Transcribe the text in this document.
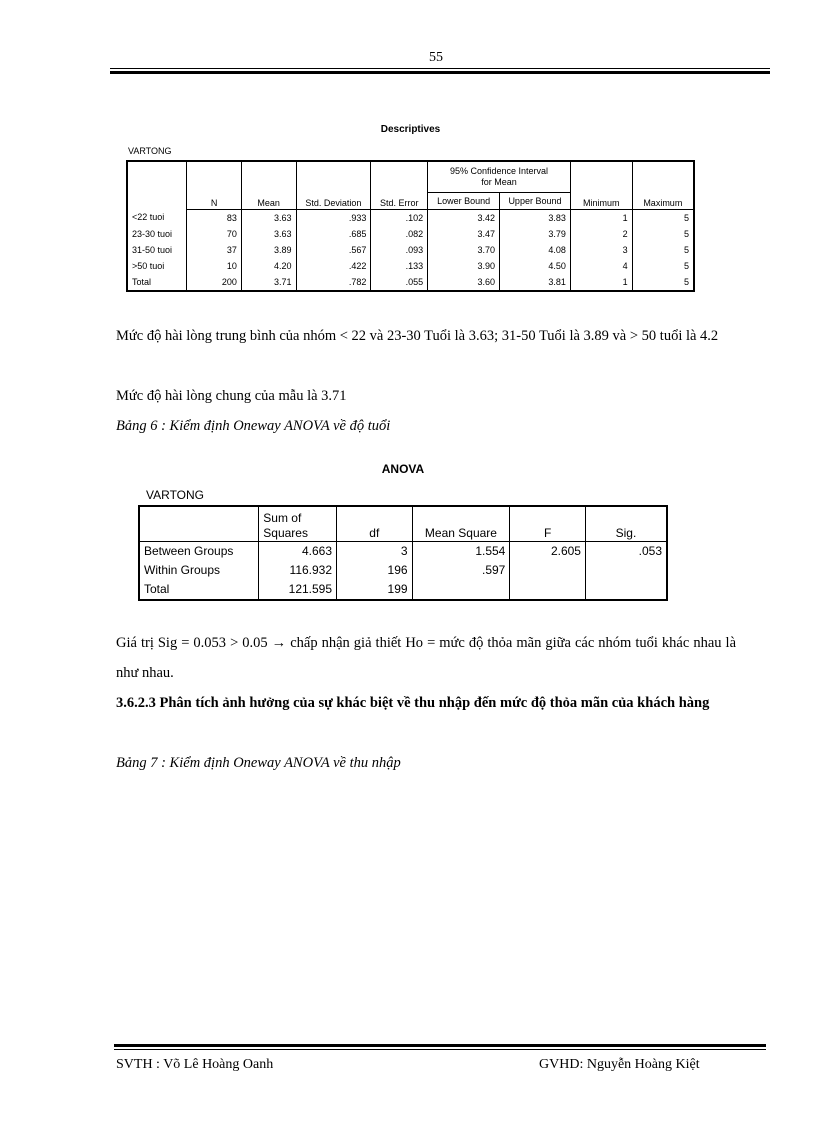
55
Descriptives
VARTONG
	N	Mean	Std. Deviation	Std. Error	95% Confidence Interval for Mean		Minimum	Maximum
					Lower Bound	Upper Bound		
<22 tuoi	83	3.63	.933	.102	3.42	3.83	1	5
23-30 tuoi	70	3.63	.685	.082	3.47	3.79	2	5
31-50 tuoi	37	3.89	.567	.093	3.70	4.08	3	5
>50 tuoi	10	4.20	.422	.133	3.90	4.50	4	5
Total	200	3.71	.782	.055	3.60	3.81	1	5
Mức độ hài lòng trung bình của nhóm < 22 và 23-30 Tuổi là 3.63; 31-50 Tuổi là 3.89 và > 50 tuổi là 4.2
Mức độ hài lòng chung của mẫu là 3.71
Bảng 6 : Kiểm định Oneway ANOVA về độ tuổi
ANOVA
VARTONG
	Sum of Squares	df	Mean Square	F	Sig.
Between Groups	4.663	3	1.554	2.605	.053
Within Groups	116.932	196	.597		
Total	121.595	199			
Giá trị Sig = 0.053 > 0.05 → chấp nhận giả thiết Ho = mức độ thỏa mãn giữa các nhóm tuổi khác nhau là như nhau.
3.6.2.3 Phân tích ảnh hưởng của sự khác biệt về thu nhập đến mức độ thỏa mãn của khách hàng
Bảng 7 : Kiểm định Oneway ANOVA về thu nhập
SVTH : Võ Lê Hoàng Oanh	GVHD: Nguyễn Hoàng Kiệt
